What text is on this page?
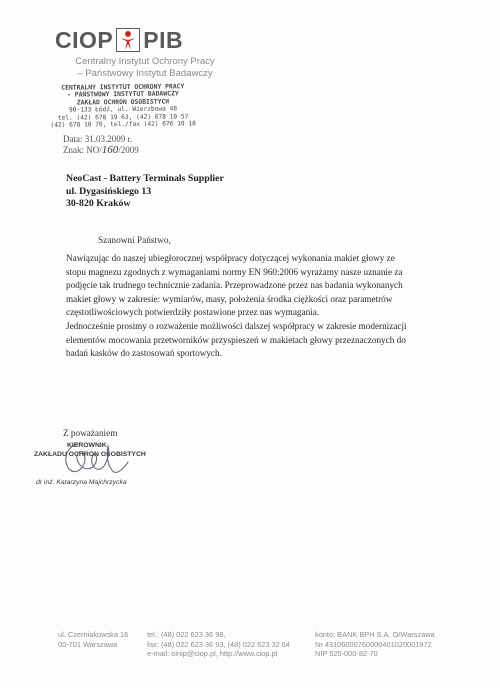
CIOP PIB
Centralny Instytut Ochrony Pracy
– Państwowy Instytut Badawczy
CENTRALNY INSTYTUT OCHRONY PRACY
- PAŃSTWOWY INSTYTUT BADAWCZY
ZAKŁAD OCHRON OSOBISTYCH
90-133 Łódź, ul. Wierzbowa 48
tel. (42) 678 19 63, (42) 678 10 57
(42) 678 10 76, tel./fax (42) 676 10 18
Data: 31.03.2009 r.
Znak: NO/160/2009
NeoCast - Battery Terminals Supplier
ul. Dygasińskiego 13
30-820 Kraków
Szanowni Państwo,
Nawiązując do naszej ubiegłorocznej współpracy dotyczącej wykonania makiet głowy ze
stopu magnezu zgodnych z wymaganiami normy EN 960:2006 wyrażamy nasze uznanie za
podjęcie tak trudnego technicznie zadania. Przeprowadzone przez nas badania wykonanych
makiet głowy w zakresie: wymiarów, masy, położenia środka ciężkości oraz parametrów
częstotliwościowych potwierdziły postawione przez nas wymagania.
Jednocześnie prosimy o rozważenie możliwości dalszej współpracy w zakresie modernizacji
elementów mocowania przetworników przyspieszeń w makietach głowy przeznaczonych do
badań kasków do zastosowań sportowych.
Z poważaniem
KIEROWNIK
ZAKŁADU OCHRON OSOBISTYCH
dr inż. Katarzyna Majchrzycka
ul. Czerniakowska 16
00-701 Warszawa
tel.: (48) 022 623 36 98,
fax: (48) 022 623 36 93, (48) 022 623 32 64
e-mail: oinip@ciop.pl, http://www.ciop.pl
konto: BANK BPH S.A. O/Warszawa
Nr 43106000760000401020001972
NIP 525-000-82-70
